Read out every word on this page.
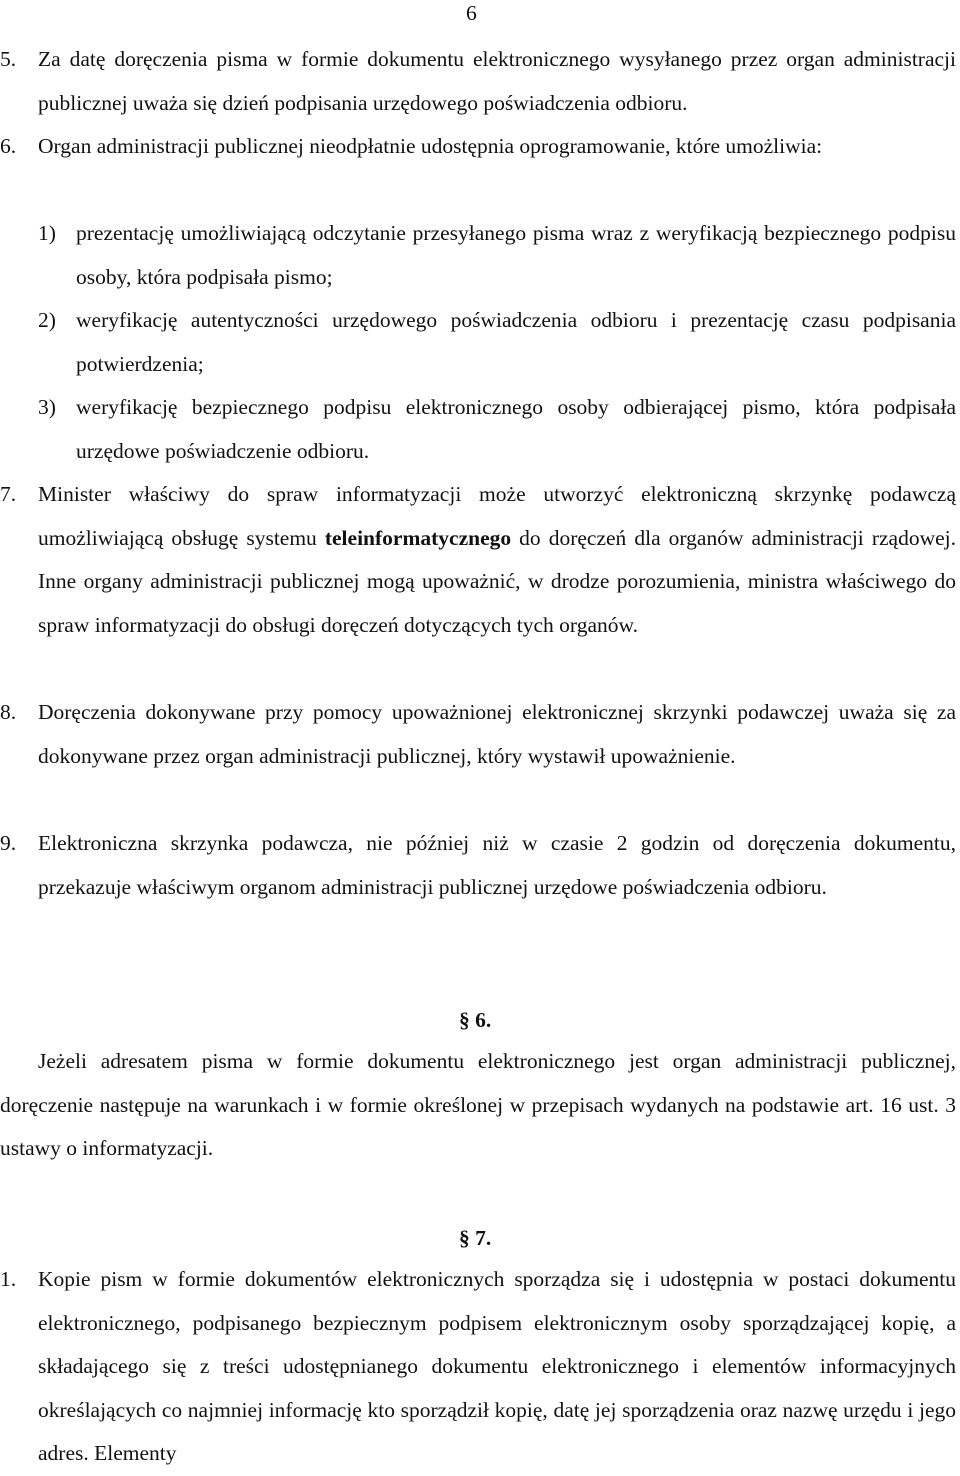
6
5. Za datę doręczenia pisma w formie dokumentu elektronicznego wysyłanego przez organ administracji publicznej uważa się dzień podpisania urzędowego poświadczenia odbioru.
6. Organ administracji publicznej nieodpłatnie udostępnia oprogramowanie, które umożliwia:
1) prezentację umożliwiającą odczytanie przesyłanego pisma wraz z weryfikacją bezpiecznego podpisu osoby, która podpisała pismo;
2) weryfikację autentyczności urzędowego poświadczenia odbioru i prezentację czasu podpisania potwierdzenia;
3) weryfikację bezpiecznego podpisu elektronicznego osoby odbierającej pismo, która podpisała urzędowe poświadczenie odbioru.
7. Minister właściwy do spraw informatyzacji może utworzyć elektroniczną skrzynkę podawczą umożliwiającą obsługę systemu teleinformatycznego do doręczeń dla organów administracji rządowej. Inne organy administracji publicznej mogą upoważnić, w drodze porozumienia, ministra właściwego do spraw informatyzacji do obsługi doręczeń dotyczących tych organów.
8. Doręczenia dokonywane przy pomocy upoważnionej elektronicznej skrzynki podawczej uważa się za dokonywane przez organ administracji publicznej, który wystawił upoważnienie.
9. Elektroniczna skrzynka podawcza, nie później niż w czasie 2 godzin od doręczenia dokumentu, przekazuje właściwym organom administracji publicznej urzędowe poświadczenia odbioru.
§ 6.
Jeżeli adresatem pisma w formie dokumentu elektronicznego jest organ administracji publicznej, doręczenie następuje na warunkach i w formie określonej w przepisach wydanych na podstawie art. 16 ust. 3 ustawy o informatyzacji.
§ 7.
1. Kopie pism w formie dokumentów elektronicznych sporządza się i udostępnia w postaci dokumentu elektronicznego, podpisanego bezpiecznym podpisem elektronicznym osoby sporządzającej kopię, a składającego się z treści udostępnianego dokumentu elektronicznego i elementów informacyjnych określających co najmniej informację kto sporządził kopię, datę jej sporządzenia oraz nazwę urzędu i jego adres. Elementy
